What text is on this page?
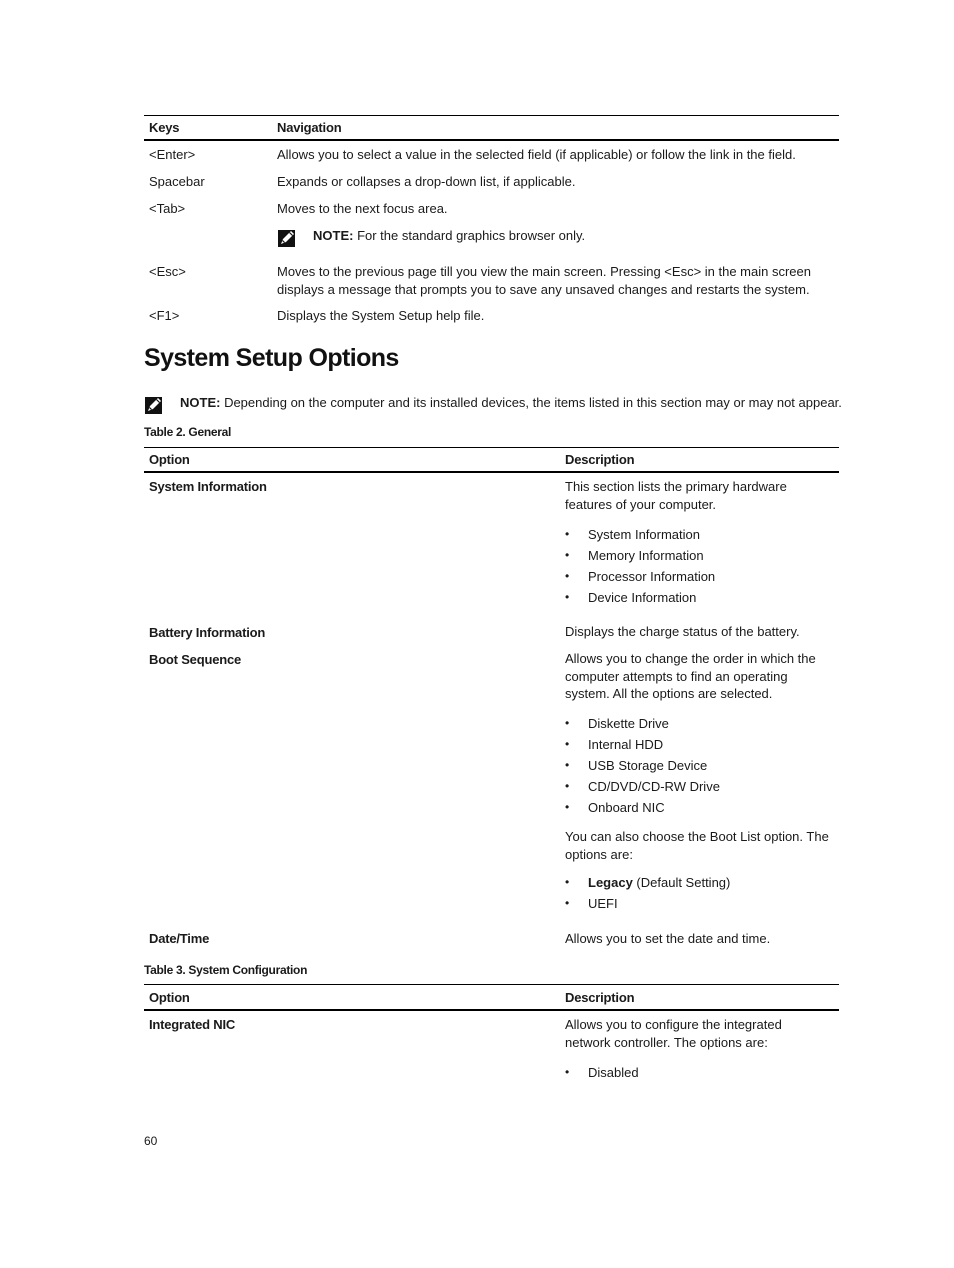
Keys	Navigation
<Enter>	Allows you to select a value in the selected field (if applicable) or follow the link in the field.
Spacebar	Expands or collapses a drop-down list, if applicable.
<Tab>	Moves to the next focus area.
NOTE: For the standard graphics browser only.
<Esc>	Moves to the previous page till you view the main screen. Pressing <Esc> in the main screen displays a message that prompts you to save any unsaved changes and restarts the system.
<F1>	Displays the System Setup help file.
System Setup Options
NOTE: Depending on the computer and its installed devices, the items listed in this section may or may not appear.
Table 2. General
Option	Description
System Information	This section lists the primary hardware features of your computer.
• System Information
• Memory Information
• Processor Information
• Device Information
Battery Information	Displays the charge status of the battery.
Boot Sequence	Allows you to change the order in which the computer attempts to find an operating system. All the options are selected.
• Diskette Drive
• Internal HDD
• USB Storage Device
• CD/DVD/CD-RW Drive
• Onboard NIC
You can also choose the Boot List option. The options are:
• Legacy (Default Setting)
• UEFI
Date/Time	Allows you to set the date and time.
Table 3. System Configuration
Option	Description
Integrated NIC	Allows you to configure the integrated network controller. The options are:
• Disabled
60
